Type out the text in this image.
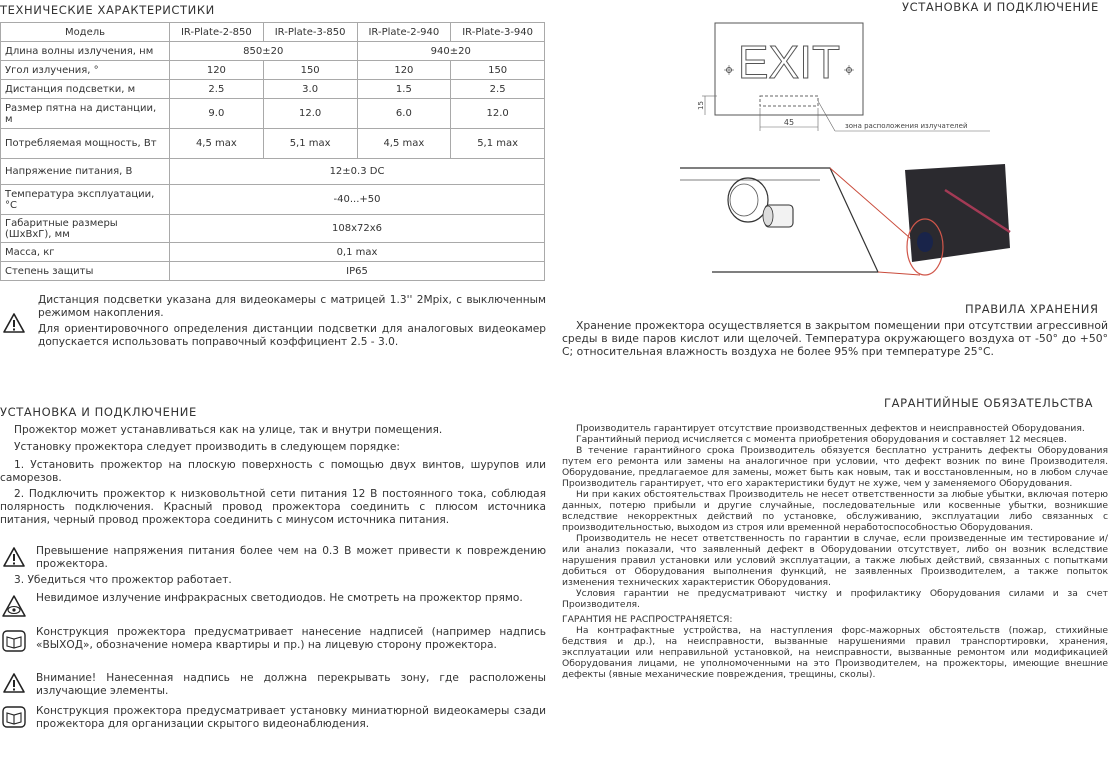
ТЕХНИЧЕСКИЕ ХАРАКТЕРИСТИКИ
Модель	IR-Plate-2-850	IR-Plate-3-850	IR-Plate-2-940	IR-Plate-3-940
Длина волны излучения, нм	850±20		940±20	
Угол излучения, °	120	150	120	150
Дистанция подсветки, м	2.5	3.0	1.5	2.5
Размер пятна на дистанции, м	9.0	12.0	6.0	12.0
Потребляемая мощность, Вт	4,5 max	5,1 max	4,5 max	5,1 max
Напряжение питания, В	12±0.3 DC			
Температура эксплуатации, °С	-40...+50			
Габаритные размеры (ШхВхГ), мм	108х72х6			
Масса, кг	0,1 max			
Степень защиты	IP65			
Дистанция подсветки указана для видеокамеры с матрицей 1.3'' 2Mpix, с выключенным режимом накопления.
Для ориентировочного определения дистанции подсветки для аналоговых видеокамер допускается использовать поправочный коэффициент 2.5 - 3.0.
УСТАНОВКА И ПОДКЛЮЧЕНИЕ
EXIT
45
15
зона расположения излучателей
ПРАВИЛА ХРАНЕНИЯ
Хранение прожектора осуществляется в закрытом помещении при отсутствии агрессивной среды в виде паров кислот или щелочей. Температура окружающего воздуха от -50° до +50° С; относительная влажность воздуха не более 95% при температуре 25°С.
УСТАНОВКА И ПОДКЛЮЧЕНИЕ
Прожектор может устанавливаться как на улице, так и внутри помещения.
Установку прожектора следует производить в следующем порядке:
1. Установить прожектор на плоскую поверхность с помощью двух винтов, шурупов или саморезов.
2. Подключить прожектор к низковольтной сети питания 12 В постоянного тока, соблюдая полярность подключения. Красный провод прожектора соединить с плюсом источника питания, черный провод прожектора соединить с минусом источника питания.
Превышение напряжения питания более чем на 0.3 В может привести к повреждению прожектора.
3. Убедиться что прожектор работает.
Невидимое излучение инфракрасных светодиодов. Не смотреть на прожектор прямо.
Конструкция прожектора предусматривает нанесение надписей (например надпись «ВЫХОД», обозначение номера квартиры и пр.) на лицевую сторону прожектора.
Внимание! Нанесенная надпись не должна перекрывать зону, где расположены излучающие элементы.
Конструкция прожектора предусматривает установку миниатюрной видеокамеры сзади прожектора для организации скрытого видеонаблюдения.
ГАРАНТИЙНЫЕ ОБЯЗАТЕЛЬСТВА
Производитель гарантирует отсутствие производственных дефектов и неисправностей Оборудования.
Гарантийный период исчисляется с момента приобретения оборудования и составляет 12 месяцев.
В течение гарантийного срока Производитель обязуется бесплатно устранить дефекты Оборудования путем его ремонта или замены на аналогичное при условии, что дефект возник по вине Производителя. Оборудование, предлагаемое для замены, может быть как новым, так и восстановленным, но в любом случае Производитель гарантирует, что его характеристики будут не хуже, чем у заменяемого Оборудования.
Ни при каких обстоятельствах Производитель не несет ответственности за любые убытки, включая потерю данных, потерю прибыли и другие случайные, последовательные или косвенные убытки, возникшие вследствие некорректных действий по установке, обслуживанию, эксплуатации либо связанных с производительностью, выходом из строя или временной неработоспособностью Оборудования.
Производитель не несет ответственность по гарантии в случае, если произведенные им тестирование и/или анализ показали, что заявленный дефект в Оборудовании отсутствует, либо он возник вследствие нарушения правил установки или условий эксплуатации, а также любых действий, связанных с попытками добиться от Оборудования выполнения функций, не заявленных Производителем, а также попыток изменения технических характеристик Оборудования.
Условия гарантии не предусматривают чистку и профилактику Оборудования силами и за счет Производителя.
ГАРАНТИЯ НЕ РАСПРОСТРАНЯЕТСЯ:
На контрафактные устройства, на наступления форс-мажорных обстоятельств (пожар, стихийные бедствия и др.), на неисправности, вызванные нарушениями правил транспортировки, хранения, эксплуатации или неправильной установкой, на неисправности, вызванные ремонтом или модификацией Оборудования лицами, не уполномоченными на это Производителем, на прожекторы, имеющие внешние дефекты (явные механические повреждения, трещины, сколы).
